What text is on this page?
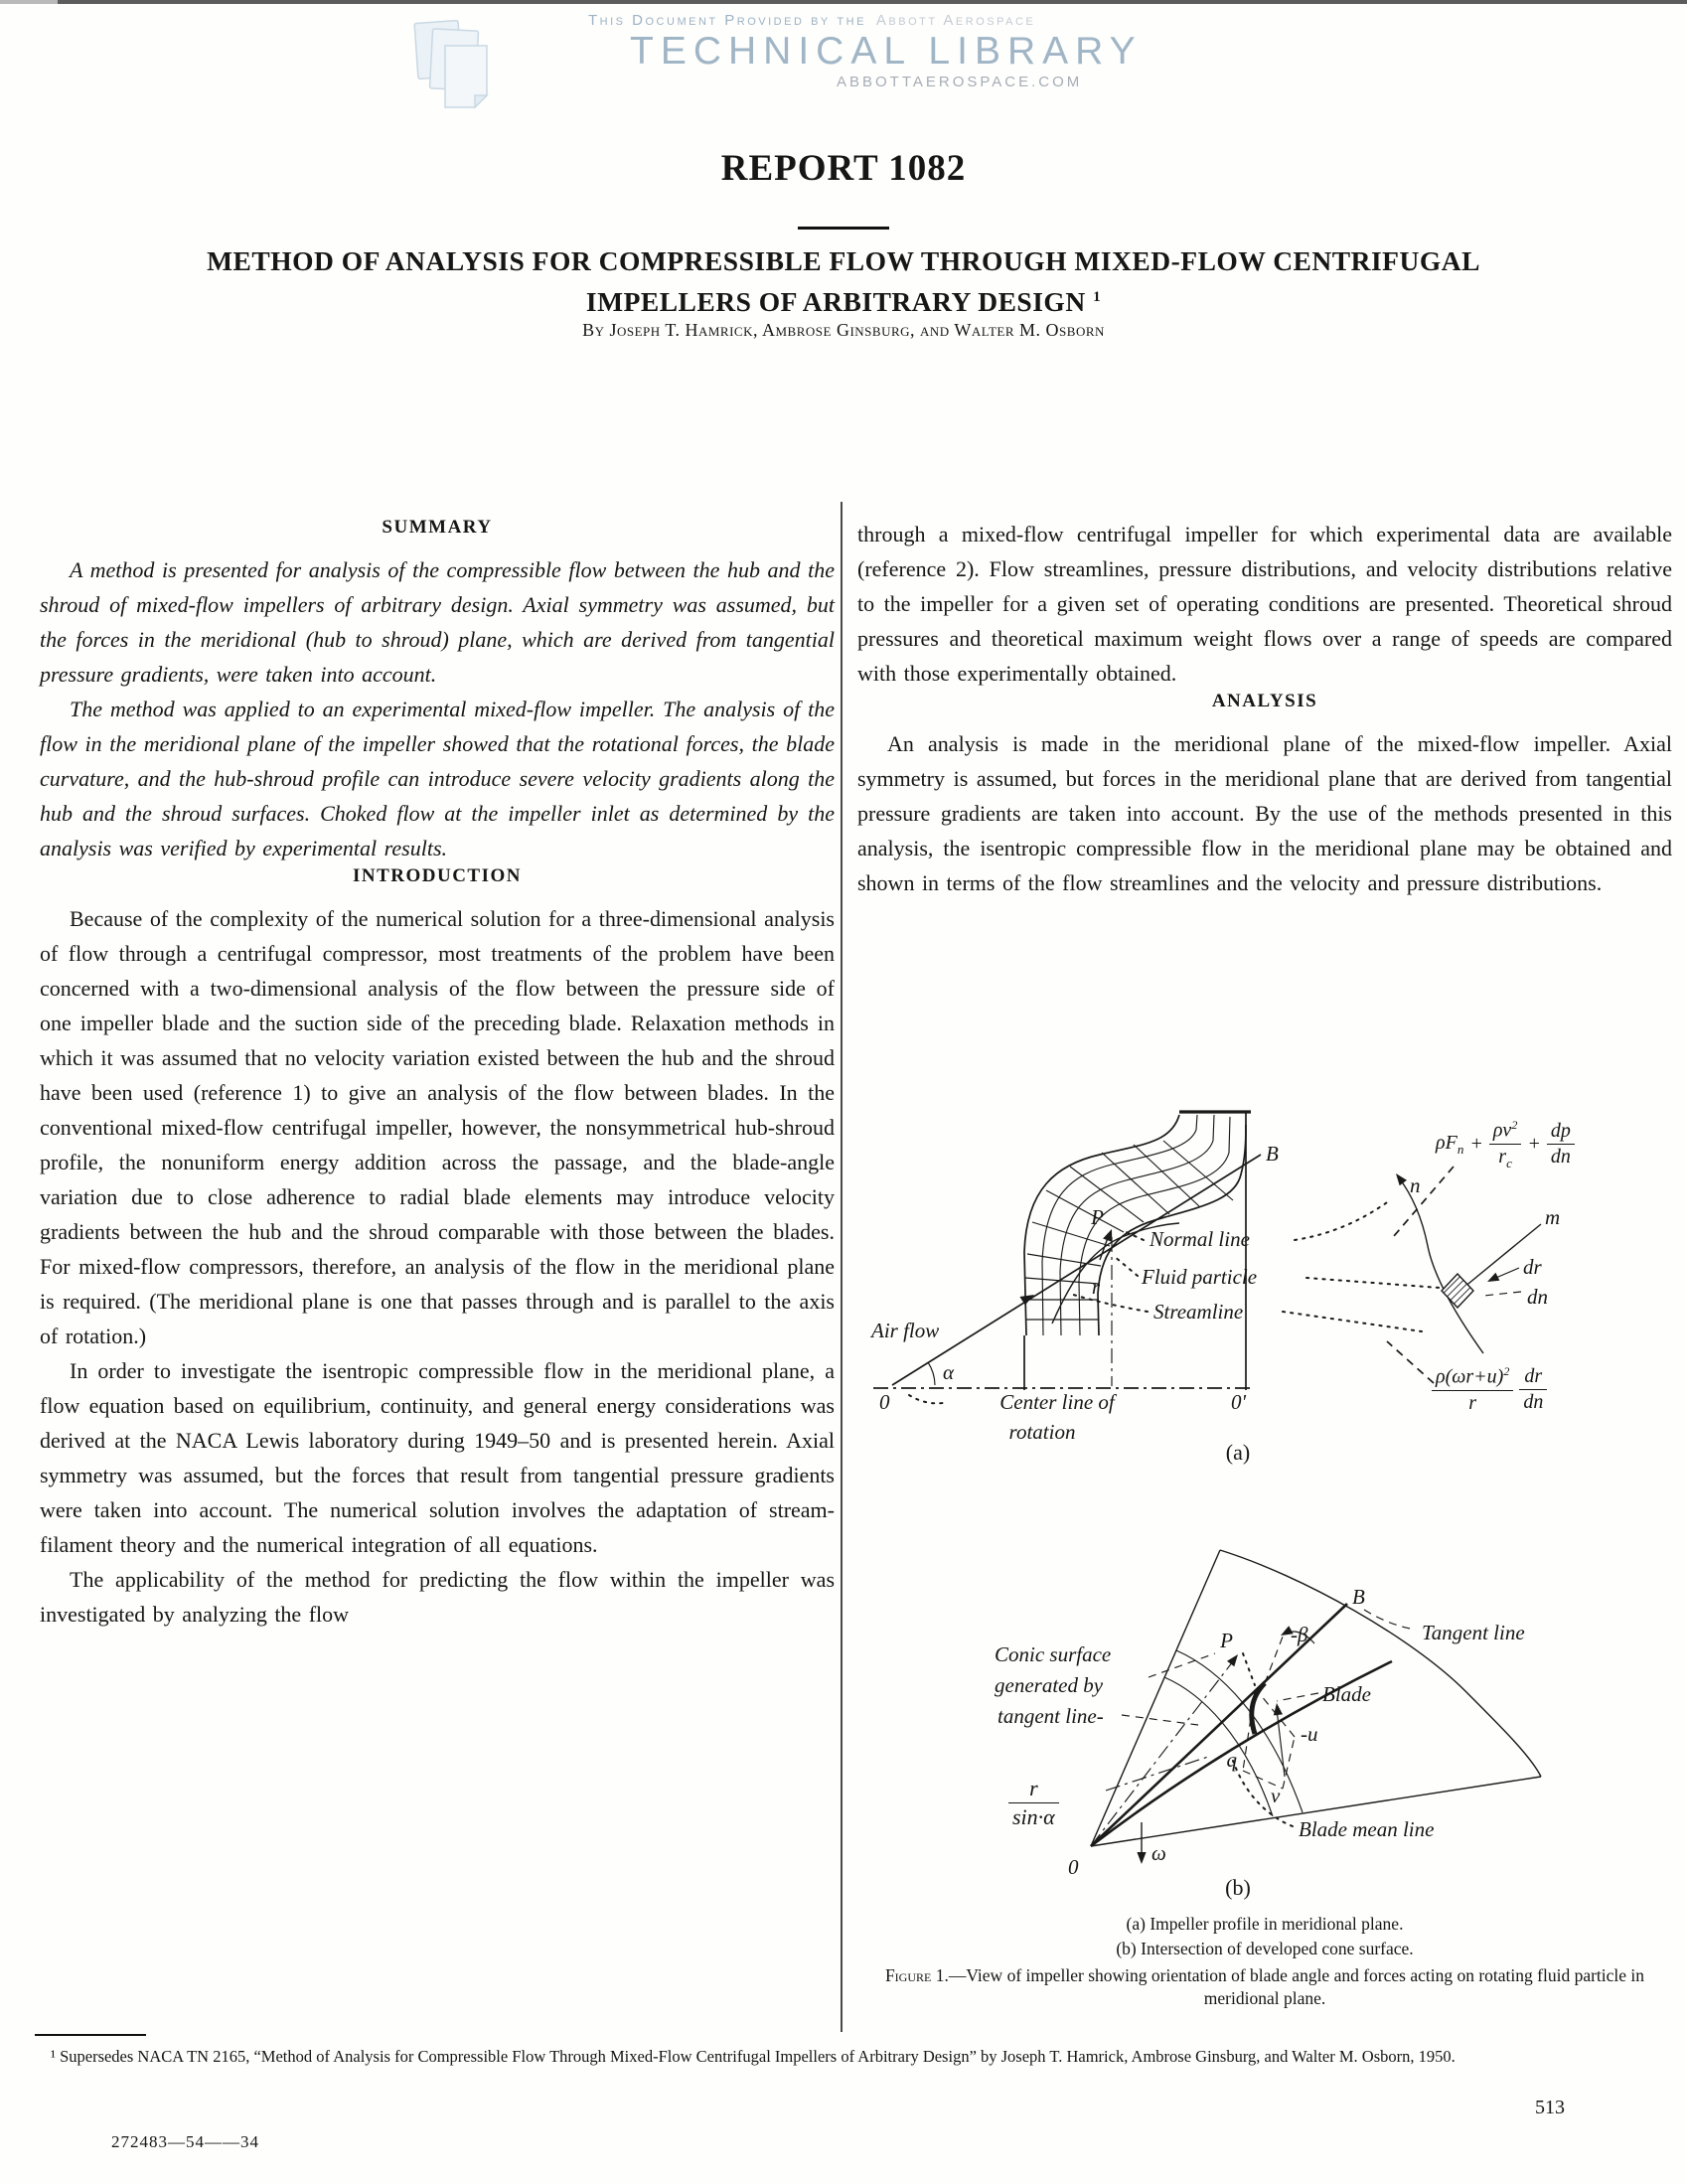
This Document Provided by the Abbott Aerospace
TECHNICAL LIBRARY
ABBOTTAEROSPACE.COM
REPORT 1082
METHOD OF ANALYSIS FOR COMPRESSIBLE FLOW THROUGH MIXED-FLOW CENTRIFUGAL
IMPELLERS OF ARBITRARY DESIGN $^1$
By Joseph T. Hamrick, Ambrose Ginsburg, and Walter M. Osborn
SUMMARY

A method is presented for analysis of the compressible flow between the hub and the shroud of mixed-flow impellers of arbitrary design. Axial symmetry was assumed, but the forces in the meridional (hub to shroud) plane, which are derived from tangential pressure gradients, were taken into account.

The method was applied to an experimental mixed-flow impeller. The analysis of the flow in the meridional plane of the impeller showed that the rotational forces, the blade curvature, and the hub-shroud profile can introduce severe velocity gradients along the hub and the shroud surfaces. Choked flow at the impeller inlet as determined by the analysis was verified by experimental results.

INTRODUCTION

Because of the complexity of the numerical solution for a three-dimensional analysis of flow through a centrifugal compressor, most treatments of the problem have been concerned with a two-dimensional analysis of the flow between the pressure side of one impeller blade and the suction side of the preceding blade. Relaxation methods in which it was assumed that no velocity variation existed between the hub and the shroud have been used (reference 1) to give an analysis of the flow between blades. In the conventional mixed-flow centrifugal impeller, however, the nonsymmetrical hub-shroud profile, the nonuniform energy addition across the passage, and the blade-angle variation due to close adherence to radial blade elements may introduce velocity gradients between the hub and the shroud comparable with those between the blades. For mixed-flow compressors, therefore, an analysis of the flow in the meridional plane is required. (The meridional plane is one that passes through and is parallel to the axis of rotation.)

In order to investigate the isentropic compressible flow in the meridional plane, a flow equation based on equilibrium, continuity, and general energy considerations was derived at the NACA Lewis laboratory during 1949–50 and is presented herein. Axial symmetry was assumed, but the forces that result from tangential pressure gradients were taken into account. The numerical solution involves the adaptation of stream-filament theory and the numerical integration of all equations.

The applicability of the method for predicting the flow within the impeller was investigated by analyzing the flow

through a mixed-flow centrifugal impeller for which experimental data are available (reference 2). Flow streamlines, pressure distributions, and velocity distributions relative to the impeller for a given set of operating conditions are presented. Theoretical shroud pressures and theoretical maximum weight flows over a range of speeds are compared with those experimentally obtained.

ANALYSIS

An analysis is made in the meridional plane of the mixed-flow impeller. Axial symmetry is assumed, but forces in the meridional plane that are derived from tangential pressure gradients are taken into account. By the use of the methods presented in this analysis, the isentropic compressible flow in the meridional plane may be obtained and shown in terms of the flow streamlines and the velocity and pressure distributions.

B
Air flow
α
0	0'
Center line of
rotation
P
r
Normal line
Fluid particle
Streamline
n
m
dr
dn
$\rho F_n + \frac{\rho v^2}{r_c} + \frac{dp}{dn}$
$\frac{\rho(\omega r+u)^2}{r} \frac{dr}{dn}$
(a)
Conic surface
generated by
tangent line-
B
Tangent line
-β
P
Blade
-u
q
v
Blade mean line
ω
0
$\frac{r}{\sin\cdot\alpha}$
(b)
(a) Impeller profile in meridional plane.
(b) Intersection of developed cone surface.
Figure 1.—View of impeller showing orientation of blade angle and forces acting on rotating fluid particle in meridional plane.
¹ Supersedes NACA TN 2165, “Method of Analysis for Compressible Flow Through Mixed-Flow Centrifugal Impellers of Arbitrary Design” by Joseph T. Hamrick, Ambrose Ginsburg, and Walter M. Osborn, 1950.
513
272483—54——34
